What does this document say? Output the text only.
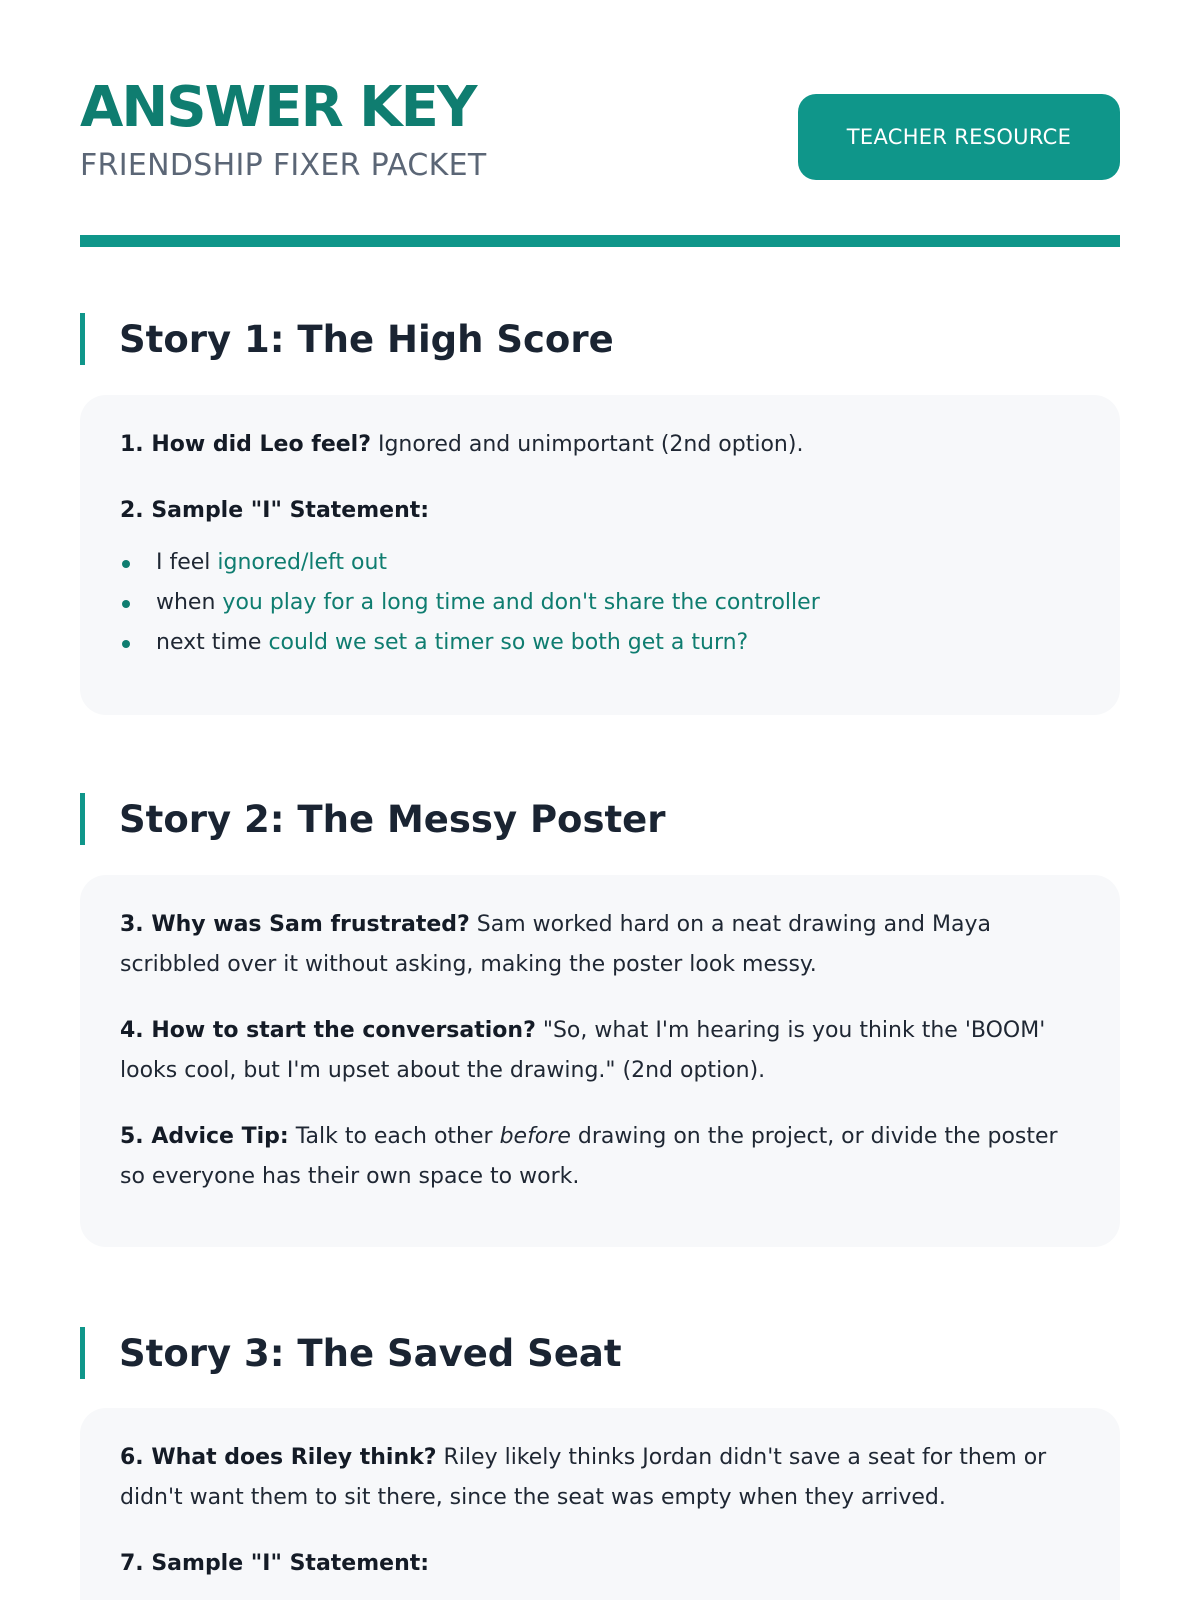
ANSWER KEY
FRIENDSHIP FIXER PACKET
TEACHER RESOURCE
Story 1: The High Score

1. How did Leo feel? Ignored and unimportant (2nd option).

2. Sample "I" Statement:

I feel ignored/left out
when you play for a long time and don't share the controller
next time could we set a timer so we both get a turn?
Story 2: The Messy Poster

3. Why was Sam frustrated? Sam worked hard on a neat drawing and Maya scribbled over it without asking, making the poster look messy.

4. How to start the conversation? "So, what I'm hearing is you think the 'BOOM' looks cool, but I'm upset about the drawing." (2nd option).

5. Advice Tip: Talk to each other before drawing on the project, or divide the poster so everyone has their own space to work.

Story 3: The Saved Seat

6. What does Riley think? Riley likely thinks Jordan didn't save a seat for them or didn't want them to sit there, since the seat was empty when they arrived.

7. Sample "I" Statement:
